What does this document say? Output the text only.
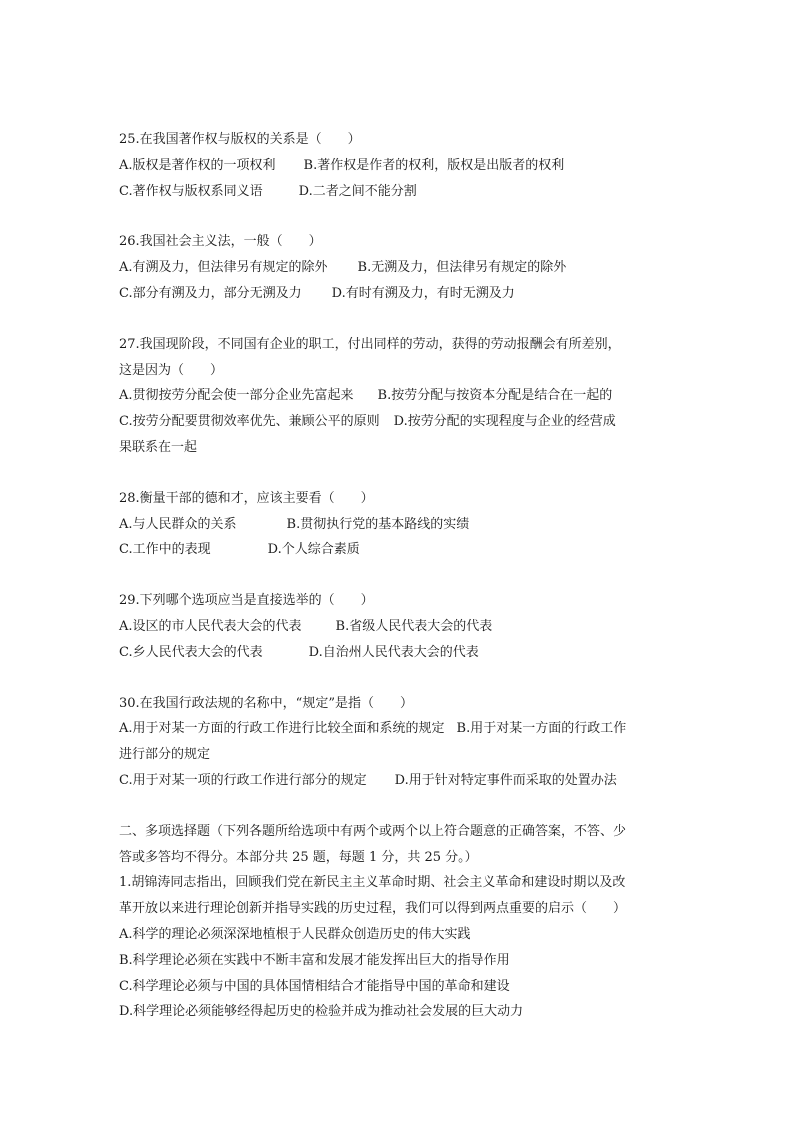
25.在我国著作权与版权的关系是（　　）
A.版权是著作权的一项权利 B.著作权是作者的权利，版权是出版者的权利
C.著作权与版权系同义语	D.二者之间不能分割
26.我国社会主义法，一般（　　）
A.有溯及力，但法律另有规定的除外 B.无溯及力，但法律另有规定的除外
C.部分有溯及力，部分无溯及力 D.有时有溯及力，有时无溯及力
27.我国现阶段，不同国有企业的职工，付出同样的劳动，获得的劳动报酬会有所差别，
这是因为（　　）
A.贯彻按劳分配会使一部分企业先富起来 B.按劳分配与按资本分配是结合在一起的
C.按劳分配要贯彻效率优先、兼顾公平的原则 D.按劳分配的实现程度与企业的经营成
果联系在一起
28.衡量干部的德和才，应该主要看（　　）
A.与人民群众的关系	B.贯彻执行党的基本路线的实绩
C.工作中的表现	D.个人综合素质
29.下列哪个选项应当是直接选举的（　　）
A.设区的市人民代表大会的代表	B.省级人民代表大会的代表
C.乡人民代表大会的代表	D.自治州人民代表大会的代表
30.在我国行政法规的名称中，“规定”是指（　　）
A.用于对某一方面的行政工作进行比较全面和系统的规定 B.用于对某一方面的行政工作
进行部分的规定
C.用于对某一项的行政工作进行部分的规定 D.用于针对特定事件而采取的处置办法
二、多项选择题（下列各题所给选项中有两个或两个以上符合题意的正确答案，不答、少
答或多答均不得分。本部分共 25 题，每题 1 分，共 25 分。）
1.胡锦涛同志指出，回顾我们党在新民主主义革命时期、社会主义革命和建设时期以及改
革开放以来进行理论创新并指导实践的历史过程，我们可以得到两点重要的启示（　　）
A.科学的理论必须深深地植根于人民群众创造历史的伟大实践
B.科学理论必须在实践中不断丰富和发展才能发挥出巨大的指导作用
C.科学理论必须与中国的具体国情相结合才能指导中国的革命和建设
D.科学理论必须能够经得起历史的检验并成为推动社会发展的巨大动力
